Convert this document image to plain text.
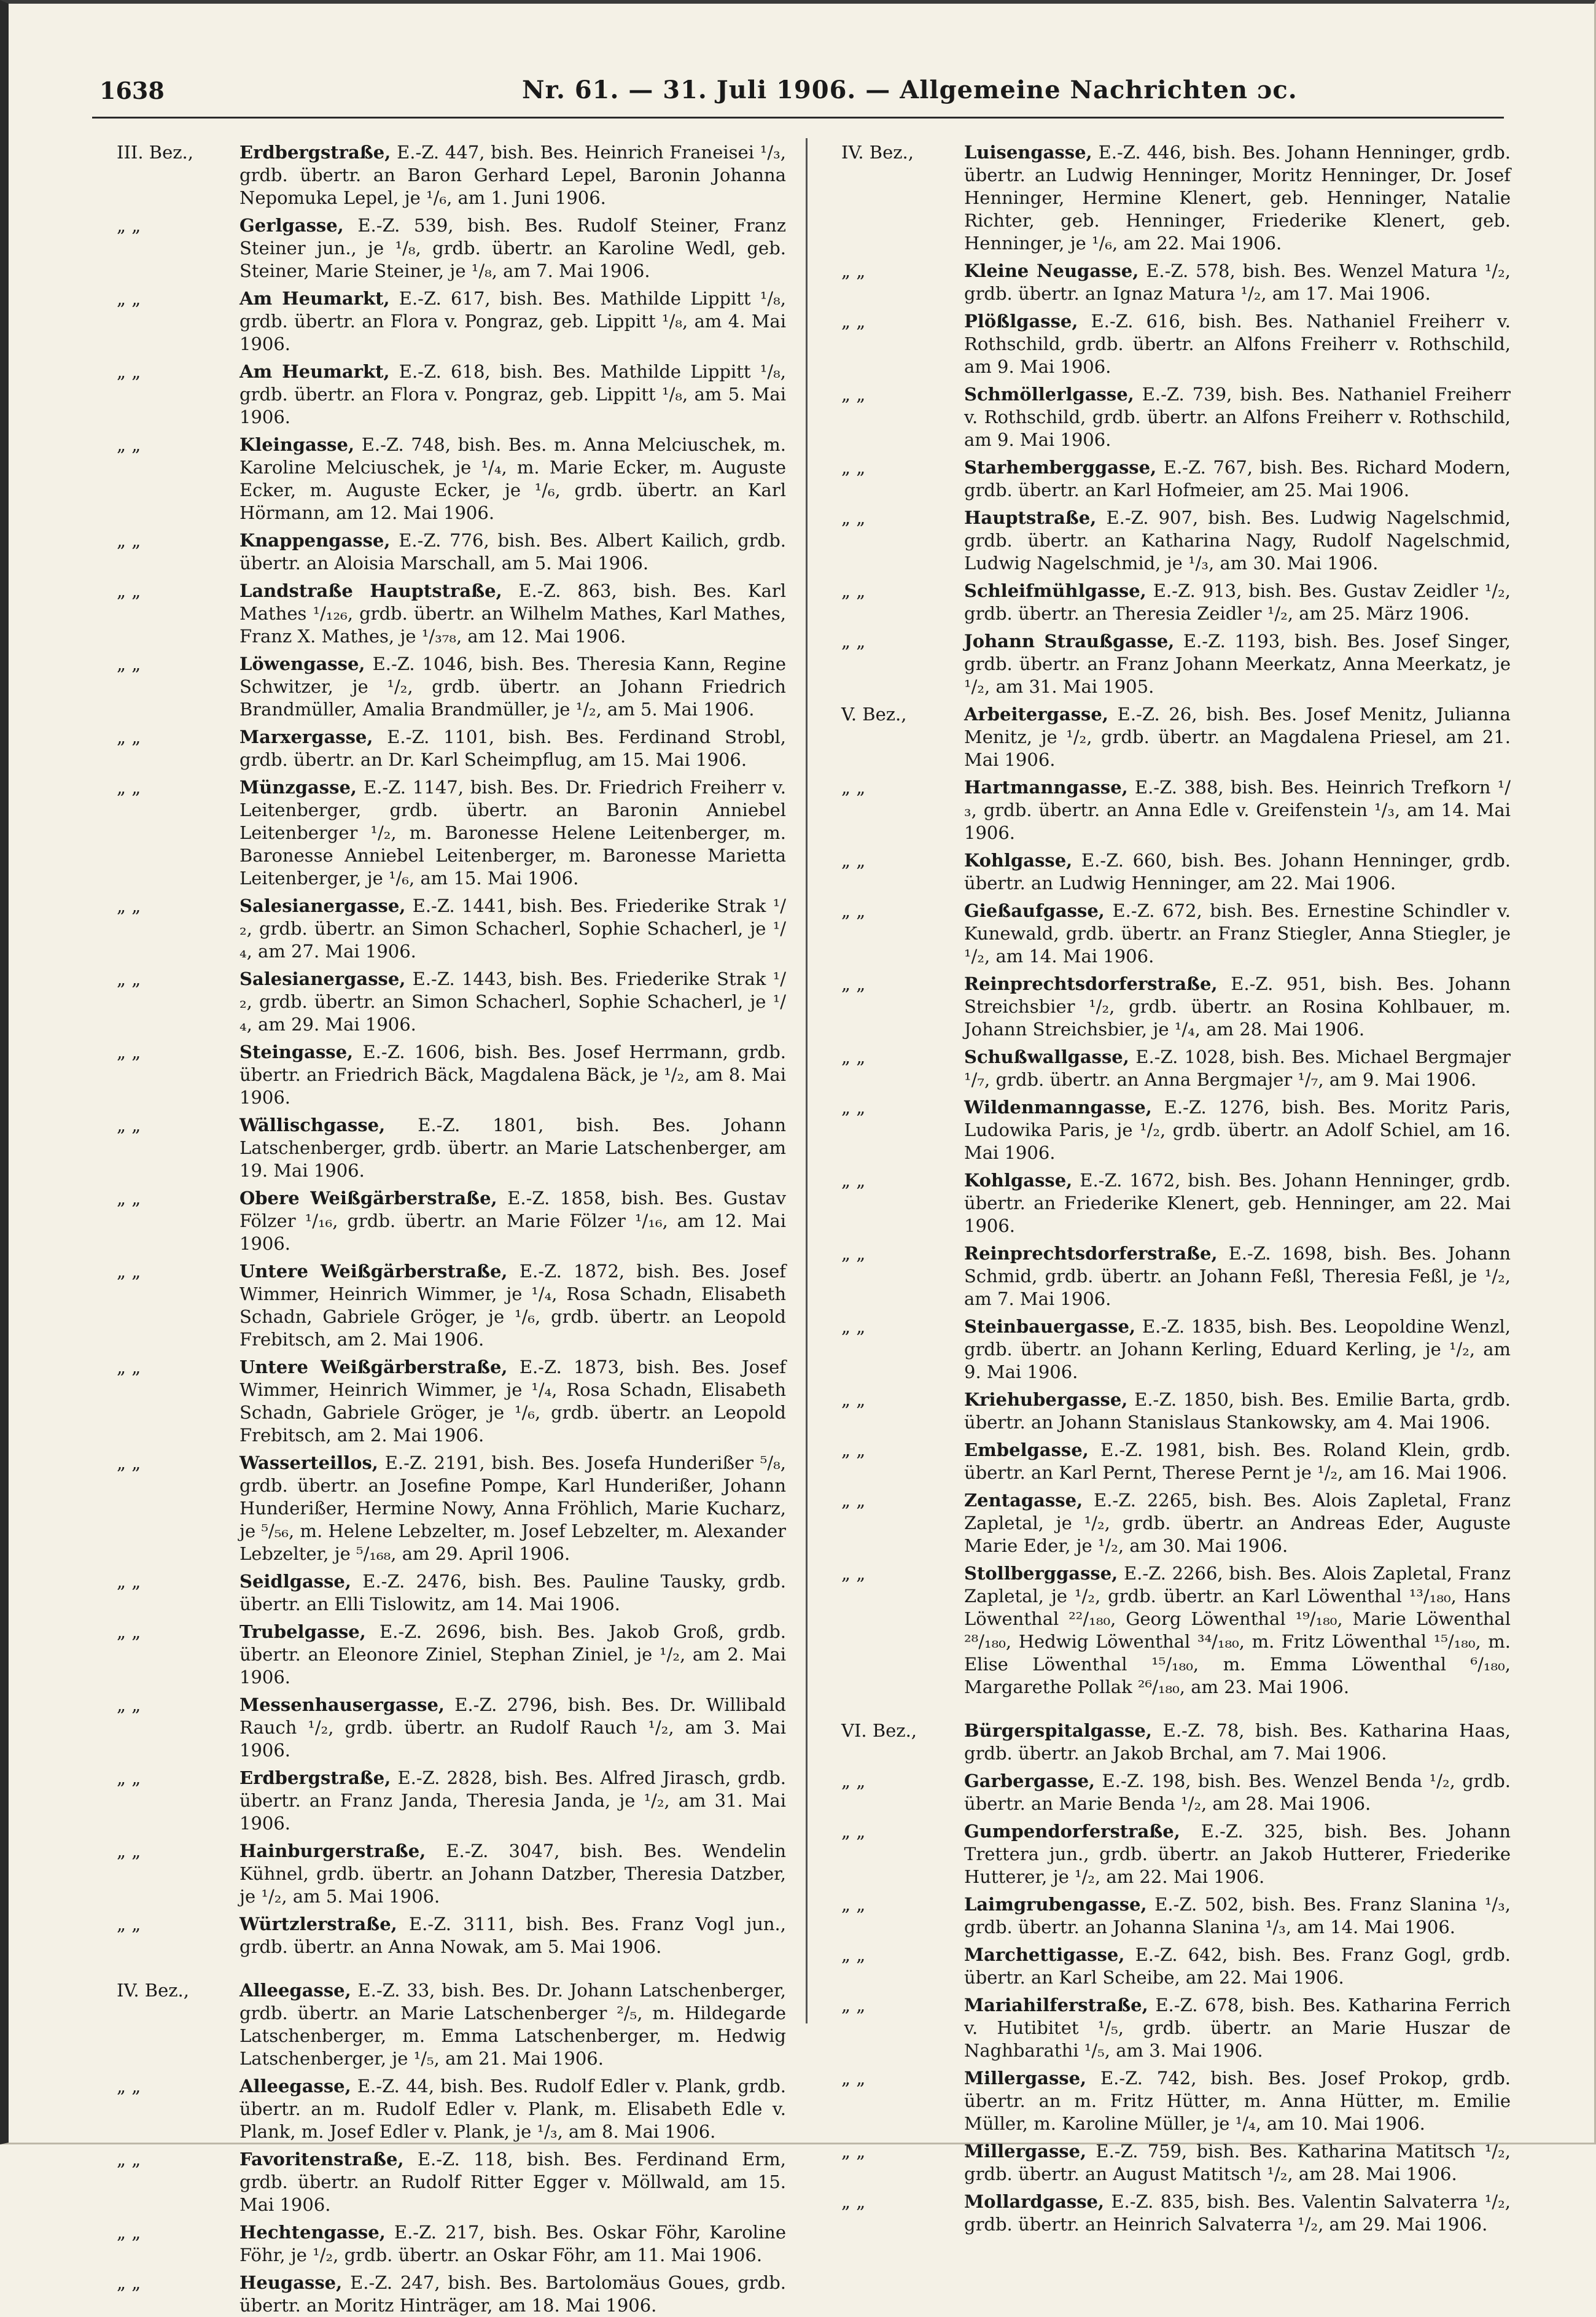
1638	Nr. 61. — 31. Juli 1906. — Allgemeine Nachrichten ɔc.
III. Bez.,	Erdbergstraße, E.-Z. 447, bish. Bes. Heinrich Franeisei ¹/₃, grdb. übertr. an Baron Gerhard Lepel, Baronin Johanna Nepomuka Lepel, je ¹/₆, am 1. Juni 1906.
„ „	Gerlgasse, E.-Z. 539, bish. Bes. Rudolf Steiner, Franz Steiner jun., je ¹/₈, grdb. übertr. an Karoline Wedl, geb. Steiner, Marie Steiner, je ¹/₈, am 7. Mai 1906.
„ „	Am Heumarkt, E.-Z. 617, bish. Bes. Mathilde Lippitt ¹/₈, grdb. übertr. an Flora v. Pongraz, geb. Lippitt ¹/₈, am 4. Mai 1906.
„ „	Am Heumarkt, E.-Z. 618, bish. Bes. Mathilde Lippitt ¹/₈, grdb. übertr. an Flora v. Pongraz, geb. Lippitt ¹/₈, am 5. Mai 1906.
„ „	Kleingasse, E.-Z. 748, bish. Bes. m. Anna Melciuschek, m. Karoline Melciuschek, je ¹/₄, m. Marie Ecker, m. Auguste Ecker, m. Auguste Ecker, je ¹/₆, grdb. übertr. an Karl Hörmann, am 12. Mai 1906.
„ „	Knappengasse, E.-Z. 776, bish. Bes. Albert Kailich, grdb. übertr. an Aloisia Marschall, am 5. Mai 1906.
„ „	Landstraße Hauptstraße, E.-Z. 863, bish. Bes. Karl Mathes ¹/₁₂₆, grdb. übertr. an Wilhelm Mathes, Karl Mathes, Franz X. Mathes, je ¹/₃₇₈, am 12. Mai 1906.
„ „	Löwengasse, E.-Z. 1046, bish. Bes. Theresia Kann, Regine Schwitzer, je ¹/₂, grdb. übertr. an Johann Friedrich Brandmüller, Amalia Brandmüller, je ¹/₂, am 5. Mai 1906.
„ „	Marxergasse, E.-Z. 1101, bish. Bes. Ferdinand Strobl, grdb. übertr. an Dr. Karl Scheimpflug, am 15. Mai 1906.
„ „	Münzgasse, E.-Z. 1147, bish. Bes. Dr. Friedrich Freiherr v. Leitenberger, grdb. übertr. an Baronin Anniebel Leitenberger ¹/₂, m. Baronesse Helene Leitenberger, m. Baronesse Anniebel Leitenberger, m. Baronesse Marietta Leitenberger, je ¹/₆, am 15. Mai 1906.
„ „	Salesianergasse, E.-Z. 1441, bish. Bes. Friederike Strak ¹/₂, grdb. übertr. an Simon Schacherl, Sophie Schacherl, je ¹/₄, am 27. Mai 1906.
„ „	Salesianergasse, E.-Z. 1443, bish. Bes. Friederike Strak ¹/₂, grdb. übertr. an Simon Schacherl, Sophie Schacherl, je ¹/₄, am 29. Mai 1906.
„ „	Steingasse, E.-Z. 1606, bish. Bes. Josef Herrmann, grdb. übertr. an Friedrich Bäck, Magdalena Bäck, je ¹/₂, am 8. Mai 1906.
„ „	Wällischgasse, E.-Z. 1801, bish. Bes. Johann Latschenberger, grdb. übertr. an Marie Latschenberger, am 19. Mai 1906.
„ „	Obere Weißgärberstraße, E.-Z. 1858, bish. Bes. Gustav Fölzer ¹/₁₆, grdb. übertr. an Marie Fölzer ¹/₁₆, am 12. Mai 1906.
„ „	Untere Weißgärberstraße, E.-Z. 1872, bish. Bes. Josef Wimmer, Heinrich Wimmer, je ¹/₄, Rosa Schadn, Elisabeth Schadn, Gabriele Gröger, je ¹/₆, grdb. übertr. an Leopold Frebitsch, am 2. Mai 1906.
„ „	Untere Weißgärberstraße, E.-Z. 1873, bish. Bes. Josef Wimmer, Heinrich Wimmer, je ¹/₄, Rosa Schadn, Elisabeth Schadn, Gabriele Gröger, je ¹/₆, grdb. übertr. an Leopold Frebitsch, am 2. Mai 1906.
„ „	Wasserteillos, E.-Z. 2191, bish. Bes. Josefa Hunderißer ⁵/₈, grdb. übertr. an Josefine Pompe, Karl Hunderißer, Johann Hunderißer, Hermine Nowy, Anna Fröhlich, Marie Kucharz, je ⁵/₅₆, m. Helene Lebzelter, m. Josef Lebzelter, m. Alexander Lebzelter, je ⁵/₁₆₈, am 29. April 1906.
„ „	Seidlgasse, E.-Z. 2476, bish. Bes. Pauline Tausky, grdb. übertr. an Elli Tislowitz, am 14. Mai 1906.
„ „	Trubelgasse, E.-Z. 2696, bish. Bes. Jakob Groß, grdb. übertr. an Eleonore Ziniel, Stephan Ziniel, je ¹/₂, am 2. Mai 1906.
„ „	Messenhausergasse, E.-Z. 2796, bish. Bes. Dr. Willibald Rauch ¹/₂, grdb. übertr. an Rudolf Rauch ¹/₂, am 3. Mai 1906.
„ „	Erdbergstraße, E.-Z. 2828, bish. Bes. Alfred Jirasch, grdb. übertr. an Franz Janda, Theresia Janda, je ¹/₂, am 31. Mai 1906.
„ „	Hainburgerstraße, E.-Z. 3047, bish. Bes. Wendelin Kühnel, grdb. übertr. an Johann Datzber, Theresia Datzber, je ¹/₂, am 5. Mai 1906.
„ „	Würtzlerstraße, E.-Z. 3111, bish. Bes. Franz Vogl jun., grdb. übertr. an Anna Nowak, am 5. Mai 1906.
IV. Bez.,	Alleegasse, E.-Z. 33, bish. Bes. Dr. Johann Latschenberger, grdb. übertr. an Marie Latschenberger ²/₅, m. Hildegarde Latschenberger, m. Emma Latschenberger, m. Hedwig Latschenberger, je ¹/₅, am 21. Mai 1906.
„ „	Alleegasse, E.-Z. 44, bish. Bes. Rudolf Edler v. Plank, grdb. übertr. an m. Rudolf Edler v. Plank, m. Elisabeth Edle v. Plank, m. Josef Edler v. Plank, je ¹/₃, am 8. Mai 1906.
„ „	Favoritenstraße, E.-Z. 118, bish. Bes. Ferdinand Erm, grdb. übertr. an Rudolf Ritter Egger v. Möllwald, am 15. Mai 1906.
„ „	Hechtengasse, E.-Z. 217, bish. Bes. Oskar Föhr, Karoline Föhr, je ¹/₂, grdb. übertr. an Oskar Föhr, am 11. Mai 1906.
„ „	Heugasse, E.-Z. 247, bish. Bes. Bartolomäus Goues, grdb. übertr. an Moritz Hinträger, am 18. Mai 1906.
IV. Bez.,	Luisengasse, E.-Z. 446, bish. Bes. Johann Henninger, grdb. übertr. an Ludwig Henninger, Moritz Henninger, Dr. Josef Henninger, Hermine Klenert, geb. Henninger, Natalie Richter, geb. Henninger, Friederike Klenert, geb. Henninger, je ¹/₆, am 22. Mai 1906.
„ „	Kleine Neugasse, E.-Z. 578, bish. Bes. Wenzel Matura ¹/₂, grdb. übertr. an Ignaz Matura ¹/₂, am 17. Mai 1906.
„ „	Plößlgasse, E.-Z. 616, bish. Bes. Nathaniel Freiherr v. Rothschild, grdb. übertr. an Alfons Freiherr v. Rothschild, am 9. Mai 1906.
„ „	Schmöllerlgasse, E.-Z. 739, bish. Bes. Nathaniel Freiherr v. Rothschild, grdb. übertr. an Alfons Freiherr v. Rothschild, am 9. Mai 1906.
„ „	Starhemberggasse, E.-Z. 767, bish. Bes. Richard Modern, grdb. übertr. an Karl Hofmeier, am 25. Mai 1906.
„ „	Hauptstraße, E.-Z. 907, bish. Bes. Ludwig Nagelschmid, grdb. übertr. an Katharina Nagy, Rudolf Nagelschmid, Ludwig Nagelschmid, je ¹/₃, am 30. Mai 1906.
„ „	Schleifmühlgasse, E.-Z. 913, bish. Bes. Gustav Zeidler ¹/₂, grdb. übertr. an Theresia Zeidler ¹/₂, am 25. März 1906.
„ „	Johann Straußgasse, E.-Z. 1193, bish. Bes. Josef Singer, grdb. übertr. an Franz Johann Meerkatz, Anna Meerkatz, je ¹/₂, am 31. Mai 1905.
V. Bez.,	Arbeitergasse, E.-Z. 26, bish. Bes. Josef Menitz, Julianna Menitz, je ¹/₂, grdb. übertr. an Magdalena Priesel, am 21. Mai 1906.
„ „	Hartmanngasse, E.-Z. 388, bish. Bes. Heinrich Trefkorn ¹/₃, grdb. übertr. an Anna Edle v. Greifenstein ¹/₃, am 14. Mai 1906.
„ „	Kohlgasse, E.-Z. 660, bish. Bes. Johann Henninger, grdb. übertr. an Ludwig Henninger, am 22. Mai 1906.
„ „	Gießaufgasse, E.-Z. 672, bish. Bes. Ernestine Schindler v. Kunewald, grdb. übertr. an Franz Stiegler, Anna Stiegler, je ¹/₂, am 14. Mai 1906.
„ „	Reinprechtsdorferstraße, E.-Z. 951, bish. Bes. Johann Streichsbier ¹/₂, grdb. übertr. an Rosina Kohlbauer, m. Johann Streichsbier, je ¹/₄, am 28. Mai 1906.
„ „	Schußwallgasse, E.-Z. 1028, bish. Bes. Michael Bergmajer ¹/₇, grdb. übertr. an Anna Bergmajer ¹/₇, am 9. Mai 1906.
„ „	Wildenmanngasse, E.-Z. 1276, bish. Bes. Moritz Paris, Ludowika Paris, je ¹/₂, grdb. übertr. an Adolf Schiel, am 16. Mai 1906.
„ „	Kohlgasse, E.-Z. 1672, bish. Bes. Johann Henninger, grdb. übertr. an Friederike Klenert, geb. Henninger, am 22. Mai 1906.
„ „	Reinprechtsdorferstraße, E.-Z. 1698, bish. Bes. Johann Schmid, grdb. übertr. an Johann Feßl, Theresia Feßl, je ¹/₂, am 7. Mai 1906.
„ „	Steinbauergasse, E.-Z. 1835, bish. Bes. Leopoldine Wenzl, grdb. übertr. an Johann Kerling, Eduard Kerling, je ¹/₂, am 9. Mai 1906.
„ „	Kriehubergasse, E.-Z. 1850, bish. Bes. Emilie Barta, grdb. übertr. an Johann Stanislaus Stankowsky, am 4. Mai 1906.
„ „	Embelgasse, E.-Z. 1981, bish. Bes. Roland Klein, grdb. übertr. an Karl Pernt, Therese Pernt je ¹/₂, am 16. Mai 1906.
„ „	Zentagasse, E.-Z. 2265, bish. Bes. Alois Zapletal, Franz Zapletal, je ¹/₂, grdb. übertr. an Andreas Eder, Auguste Marie Eder, je ¹/₂, am 30. Mai 1906.
„ „	Stollberggasse, E.-Z. 2266, bish. Bes. Alois Zapletal, Franz Zapletal, je ¹/₂, grdb. übertr. an Karl Löwenthal ¹³/₁₈₀, Hans Löwenthal ²²/₁₈₀, Georg Löwenthal ¹⁹/₁₈₀, Marie Löwenthal ²⁸/₁₈₀, Hedwig Löwenthal ³⁴/₁₈₀, m. Fritz Löwenthal ¹⁵/₁₈₀, m. Elise Löwenthal ¹⁵/₁₈₀, m. Emma Löwenthal ⁶/₁₈₀, Margarethe Pollak ²⁶/₁₈₀, am 23. Mai 1906.
VI. Bez.,	Bürgerspitalgasse, E.-Z. 78, bish. Bes. Katharina Haas, grdb. übertr. an Jakob Brchal, am 7. Mai 1906.
„ „	Garbergasse, E.-Z. 198, bish. Bes. Wenzel Benda ¹/₂, grdb. übertr. an Marie Benda ¹/₂, am 28. Mai 1906.
„ „	Gumpendorferstraße, E.-Z. 325, bish. Bes. Johann Trettera jun., grdb. übertr. an Jakob Hutterer, Friederike Hutterer, je ¹/₂, am 22. Mai 1906.
„ „	Laimgrubengasse, E.-Z. 502, bish. Bes. Franz Slanina ¹/₃, grdb. übertr. an Johanna Slanina ¹/₃, am 14. Mai 1906.
„ „	Marchettigasse, E.-Z. 642, bish. Bes. Franz Gogl, grdb. übertr. an Karl Scheibe, am 22. Mai 1906.
„ „	Mariahilferstraße, E.-Z. 678, bish. Bes. Katharina Ferrich v. Hutibitet ¹/₅, grdb. übertr. an Marie Huszar de Naghbarathi ¹/₅, am 3. Mai 1906.
„ „	Millergasse, E.-Z. 742, bish. Bes. Josef Prokop, grdb. übertr. an m. Fritz Hütter, m. Anna Hütter, m. Emilie Müller, m. Karoline Müller, je ¹/₄, am 10. Mai 1906.
„ „	Millergasse, E.-Z. 759, bish. Bes. Katharina Matitsch ¹/₂, grdb. übertr. an August Matitsch ¹/₂, am 28. Mai 1906.
„ „	Mollardgasse, E.-Z. 835, bish. Bes. Valentin Salvaterra ¹/₂, grdb. übertr. an Heinrich Salvaterra ¹/₂, am 29. Mai 1906.
